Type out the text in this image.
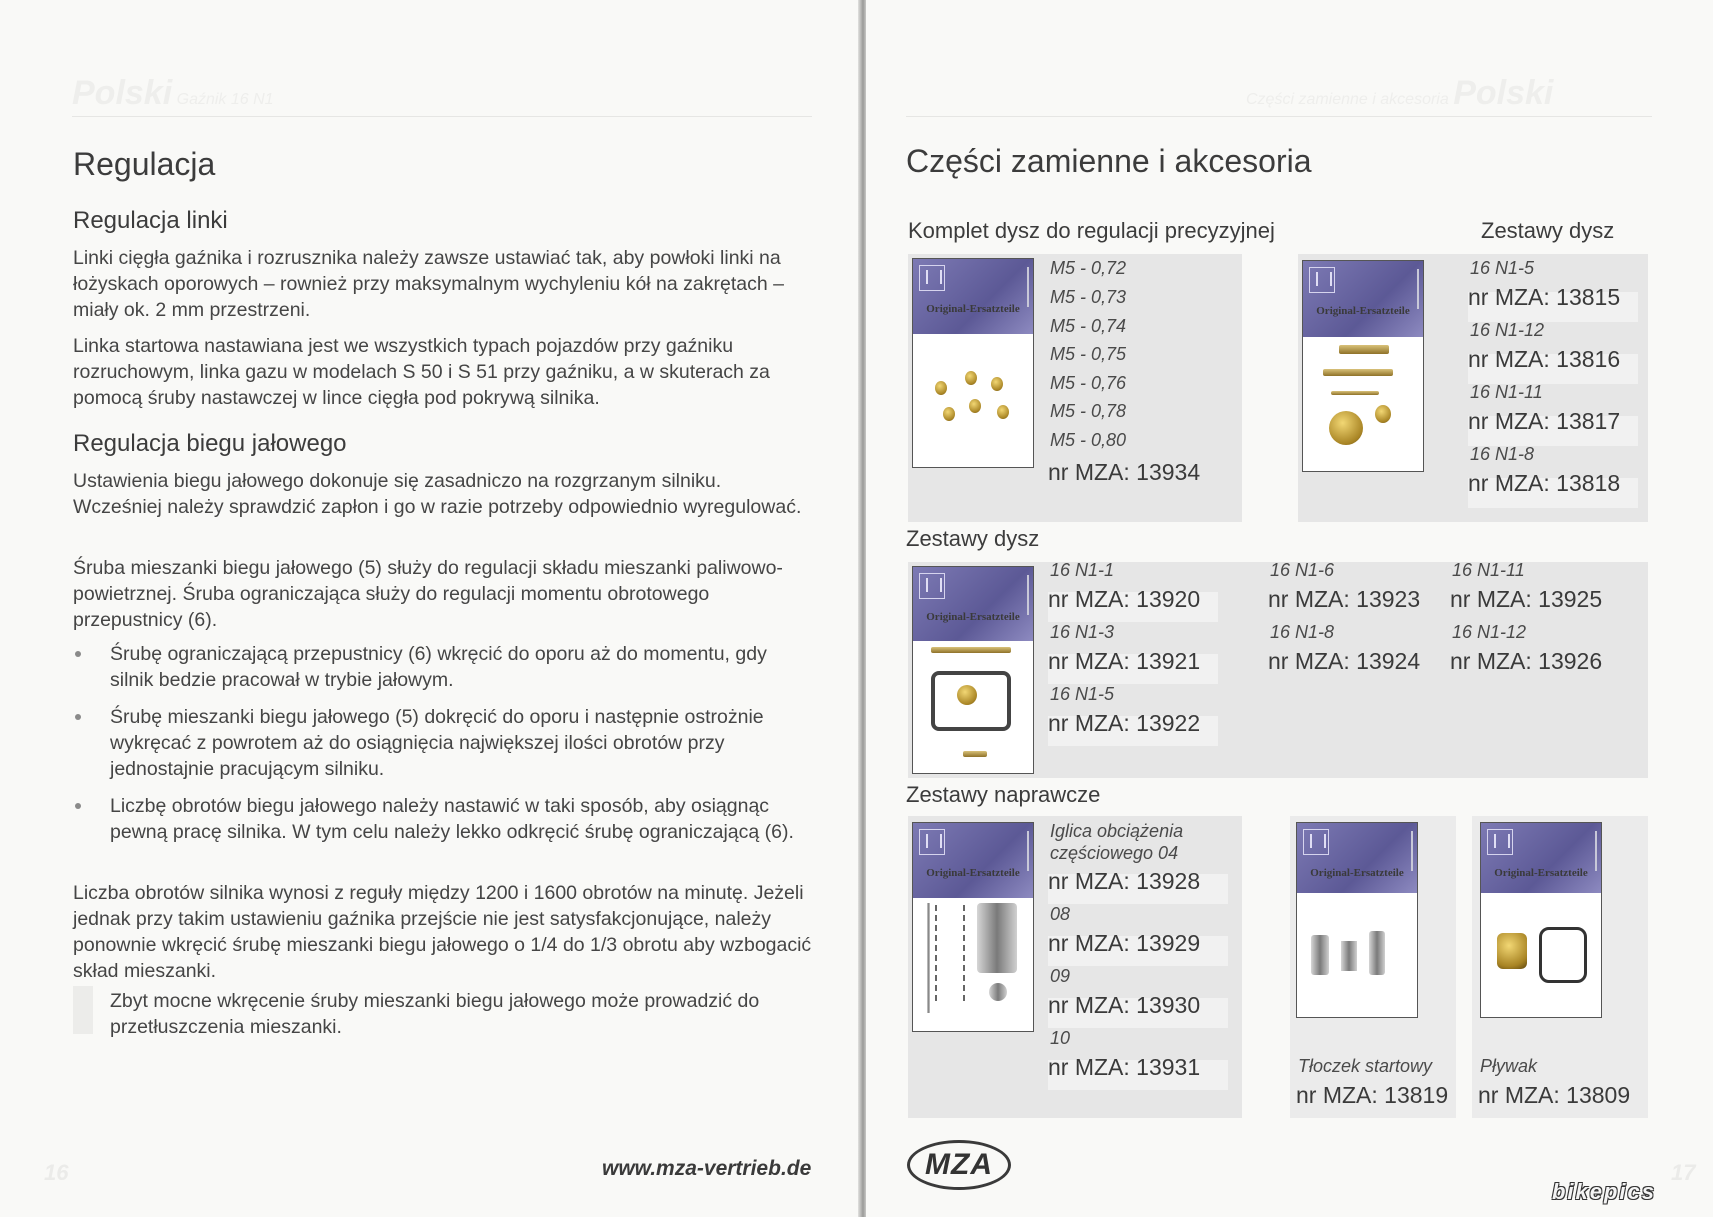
Polski Gaźnik 16 N1
Regulacja
Regulacja linki

Linki cięgła gaźnika i rozrusznika należy zawsze ustawiać tak, aby powłoki linki na łożyskach oporowych – rownież przy maksymalnym wychyleniu kół na zakrętach – miały ok. 2 mm przestrzeni.

Linka startowa nastawiana jest we wszystkich typach pojazdów przy gaźniku rozruchowym, linka gazu w modelach S 50 i S 51 przy gaźniku, a w skuterach za pomocą śruby nastawczej w lince cięgła pod pokrywą silnika.

Regulacja biegu jałowego

Ustawienia biegu jałowego dokonuje się zasadniczo na rozgrzanym silniku. Wcześniej należy sprawdzić zapłon i go w razie potrzeby odpowiednio wyregulować.

Śruba mieszanki biegu jałowego (5) służy do regulacji składu mieszanki paliwowo-powietrznej. Śruba ograniczająca służy do regulacji momentu obrotowego przepustnicy (6).

Śrubę ograniczającą przepustnicy (6) wkręcić do oporu aż do momentu, gdy silnik bedzie pracował w trybie jałowym.
Śrubę mieszanki biegu jałowego (5) dokręcić do oporu i następnie ostrożnie wykręcać z powrotem aż do osiągnięcia największej ilości obrotów przy jednostajnie pracującym silniku.
Liczbę obrotów biegu jałowego należy nastawić w taki sposób, aby osiągnąc pewną pracę silnika. W tym celu należy lekko odkręcić śrubę ograniczającą (6).

Liczba obrotów silnika wynosi z reguły między 1200 i 1600 obrotów na minutę. Jeżeli jednak przy takim ustawieniu gaźnika przejście nie jest satysfakcjonujące, należy ponownie wkręcić śrubę mieszanki biegu jałowego o 1/4 do 1/3 obrotu aby wzbogacić skład mieszanki.

Zbyt mocne wkręcenie śruby mieszanki biegu jałowego może prowadzić do przetłuszczenia mieszanki.

16	www.mza-vertrieb.de
Części zamienne i akcesoria Polski
Części zamienne i akcesoria
Komplet dysz do regulacji precyzyjnej
Original-Ersatzteile
M5 - 0,72
M5 - 0,73
M5 - 0,74
M5 - 0,75
M5 - 0,76
M5 - 0,78
M5 - 0,80
nr MZA: 13934
Zestawy dysz
Original-Ersatzteile
16 N1-5
nr MZA: 13815
16 N1-12
nr MZA: 13816
16 N1-11
nr MZA: 13817
16 N1-8
nr MZA: 13818
Zestawy dysz
Original-Ersatzteile
16 N1-1
nr MZA: 13920
16 N1-3
nr MZA: 13921
16 N1-5
nr MZA: 13922
16 N1-6
nr MZA: 13923
16 N1-8
nr MZA: 13924
16 N1-11
nr MZA: 13925
16 N1-12
nr MZA: 13926
Zestawy naprawcze
Original-Ersatzteile
Iglica obciążenia częściowego 04
nr MZA: 13928
08
nr MZA: 13929
09
nr MZA: 13930
10
nr MZA: 13931
Original-Ersatzteile
Tłoczek startowy
nr MZA: 13819
Original-Ersatzteile
Pływak
nr MZA: 13809
17
MZA
bikepics
